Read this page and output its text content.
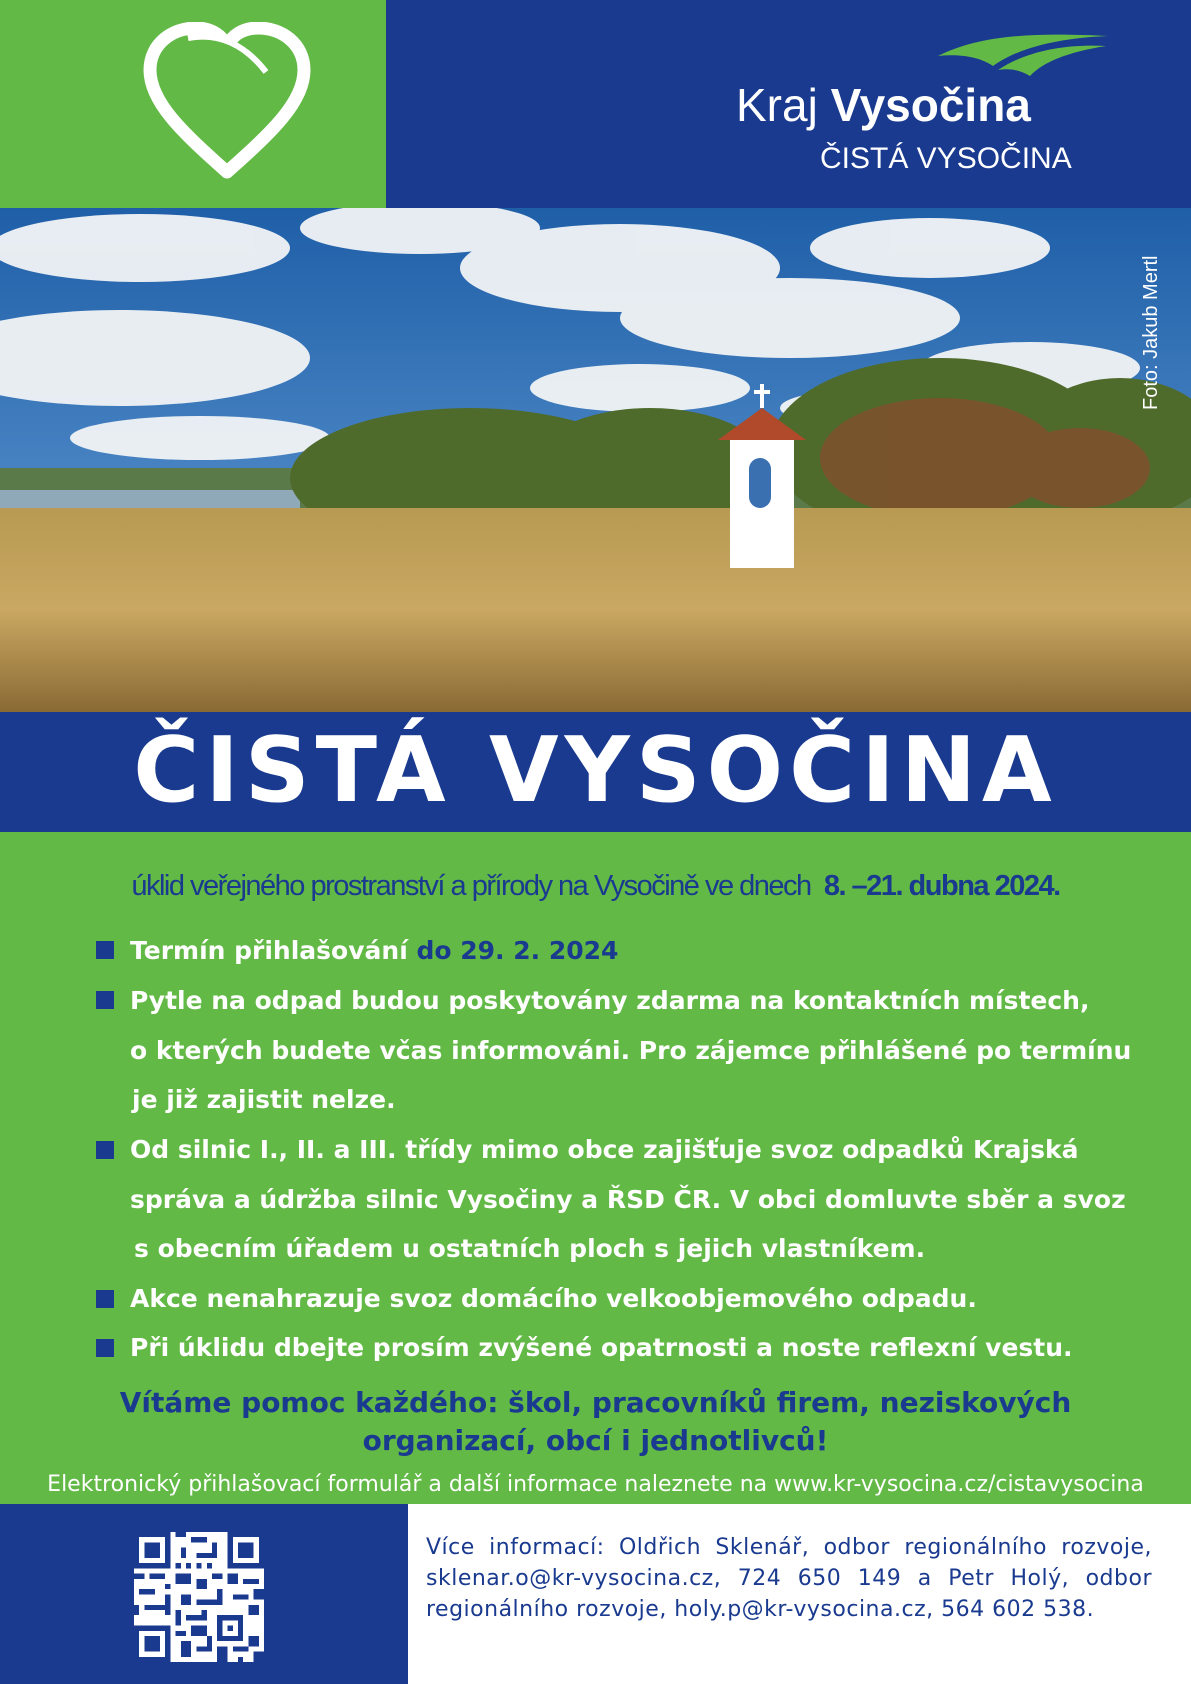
Kraj Vysočina
ČISTÁ VYSOČINA
Foto: Jakub Mertl
ČISTÁ VYSOČINA
úklid veřejného prostranství a přírody na Vysočině ve dnech 8. –21. dubna 2024.
Termín přihlašování do 29. 2. 2024
Pytle na odpad budou poskytovány zdarma na kontaktních místech,
o kterých budete včas informováni. Pro zájemce přihlášené po termínu
je již zajistit nelze.
Od silnic I., II. a III. třídy mimo obce zajišťuje svoz odpadků Krajská
správa a údržba silnic Vysočiny a ŘSD ČR. V obci domluvte sběr a svoz
s obecním úřadem u ostatních ploch s jejich vlastníkem.
Akce nenahrazuje svoz domácího velkoobjemového odpadu.
Při úklidu dbejte prosím zvýšené opatrnosti a noste reflexní vestu.
Vítáme pomoc každého: škol, pracovníků firem, neziskových
organizací, obcí i jednotlivců!
Elektronický přihlašovací formulář a další informace naleznete na www.kr-vysocina.cz/cistavysocina
Více informací: Oldřich Sklenář, odbor regionálního rozvoje, sklenar.o@kr-vysocina.cz, 724 650 149 a Petr Holý, odbor regionálního rozvoje, holy.p@kr-vysocina.cz, 564 602 538.
